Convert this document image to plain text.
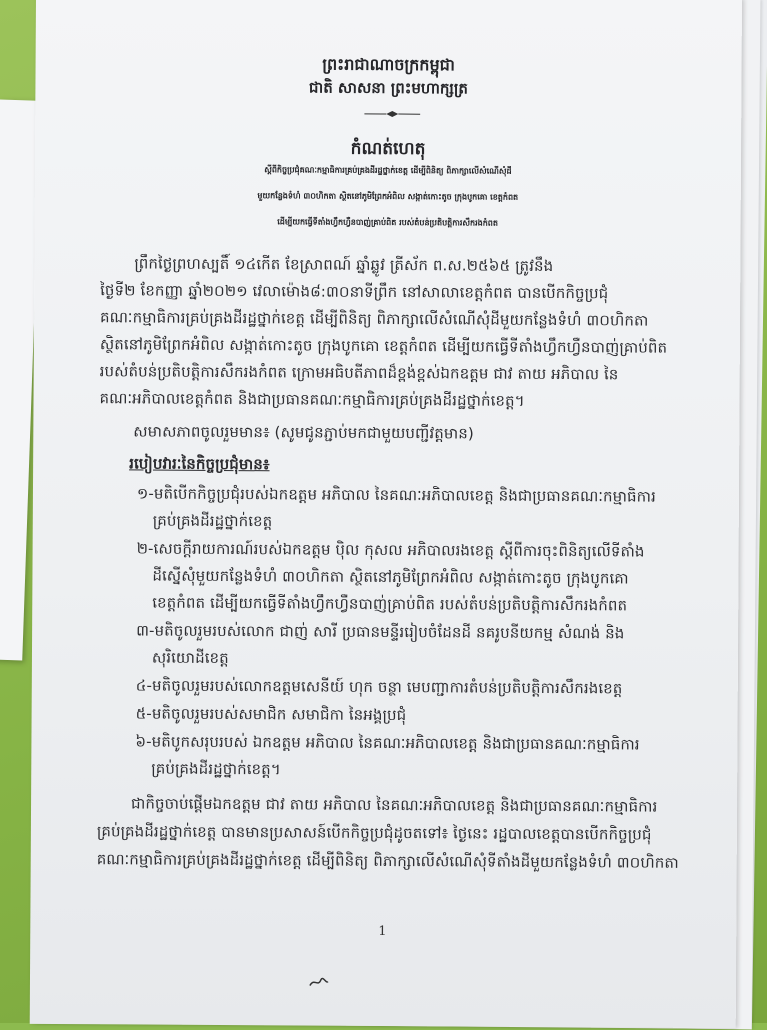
ព្រះរាជាណាចក្រកម្ពុជា
ជាតិ សាសនា ព្រះមហាក្សត្រ
កំណត់ហេតុ
ស្តីពីកិច្ចប្រជុំគណៈកម្មាធិការគ្រប់គ្រងដីរដ្ឋថ្នាក់ខេត្ត ដើម្បីពិនិត្យ ពិភាក្សាលើសំណើសុំដី
មួយកន្លែងទំហំ ៣០ហិកតា ស្ថិតនៅភូមិព្រែកអំពិល សង្កាត់កោះតូច ក្រុងបូកគោ ខេត្តកំពត
ដើម្បីយកធ្វើទីតាំងហ្វឹកហ្វឺនបាញ់គ្រាប់ពិត របស់តំបន់ប្រតិបត្តិការសឹករងកំពត
ព្រឹកថ្ងៃព្រហស្បតិ៍ ១៤កើត ខែស្រាពណ៍ ឆ្នាំឆ្លូវ ត្រីស័ក ព.ស.២៥៦៥ ត្រូវនឹង
ថ្ងៃទី២ ខែកញ្ញា ឆ្នាំ២០២១ វេលាម៉ោង៨:៣០នាទីព្រឹក នៅសាលាខេត្តកំពត បានបើកកិច្ចប្រជុំ
គណៈកម្មាធិការគ្រប់គ្រងដីរដ្ឋថ្នាក់ខេត្ត ដើម្បីពិនិត្យ ពិភាក្សាលើសំណើសុំដីមួយកន្លែងទំហំ ៣០ហិកតា
ស្ថិតនៅភូមិព្រែកអំពិល សង្កាត់កោះតូច ក្រុងបូកគោ ខេត្តកំពត ដើម្បីយកធ្វើទីតាំងហ្វឹកហ្វឺនបាញ់គ្រាប់ពិត
របស់តំបន់ប្រតិបត្តិការសឹករងកំពត ក្រោមអធិបតីភាពដ៏ខ្ពង់ខ្ពស់ឯកឧត្តម ជាវ តាយ អភិបាល នៃ
គណៈអភិបាលខេត្តកំពត និងជាប្រធានគណៈកម្មាធិការគ្រប់គ្រងដីរដ្ឋថ្នាក់ខេត្ត។
សមាសភាពចូលរួមមាន៖ (សូមជូនភ្ជាប់មកជាមួយបញ្ជីវត្តមាន)
របៀបវារៈនៃកិច្ចប្រជុំមាន៖
១-មតិបើកកិច្ចប្រជុំរបស់ឯកឧត្តម អភិបាល នៃគណៈអភិបាលខេត្ត និងជាប្រធានគណៈកម្មាធិការ
គ្រប់គ្រងដីរដ្ឋថ្នាក់ខេត្ត
២-សេចក្តីរាយការណ៍របស់ឯកឧត្តម ប៉ិល កុសល អភិបាលរងខេត្ត ស្តីពីការចុះពិនិត្យលើទីតាំង
ដីស្នើសុំមួយកន្លែងទំហំ ៣០ហិកតា ស្ថិតនៅភូមិព្រែកអំពិល សង្កាត់កោះតូច ក្រុងបូកគោ
ខេត្តកំពត ដើម្បីយកធ្វើទីតាំងហ្វឹកហ្វឺនបាញ់គ្រាប់ពិត របស់តំបន់ប្រតិបត្តិការសឹករងកំពត
៣-មតិចូលរួមរបស់លោក ជាញ់ សារី ប្រធានមន្ទីររៀបចំដែនដី នគរូបនីយកម្ម សំណង់ និង
សុរិយោដីខេត្ត
៤-មតិចូលរួមរបស់លោកឧត្តមសេនីយ៍ ហុក ចន្ថា មេបញ្ជាការតំបន់ប្រតិបត្តិការសឹករងខេត្ត
៥-មតិចូលរួមរបស់សមាជិក សមាជិកា នៃអង្គប្រជុំ
៦-មតិបូកសរុបរបស់ ឯកឧត្តម អភិបាល នៃគណៈអភិបាលខេត្ត និងជាប្រធានគណៈកម្មាធិការ
គ្រប់គ្រងដីរដ្ឋថ្នាក់ខេត្ត។
ជាកិច្ចចាប់ផ្តើមឯកឧត្តម ជាវ តាយ អភិបាល នៃគណៈអភិបាលខេត្ត និងជាប្រធានគណៈកម្មាធិការ
គ្រប់គ្រងដីរដ្ឋថ្នាក់ខេត្ត បានមានប្រសាសន៍បើកកិច្ចប្រជុំដូចតទៅ៖ ថ្ងៃនេះ រដ្ឋបាលខេត្តបានបើកកិច្ចប្រជុំ
គណៈកម្មាធិការគ្រប់គ្រងដីរដ្ឋថ្នាក់ខេត្ត ដើម្បីពិនិត្យ ពិភាក្សាលើសំណើសុំទីតាំងដីមួយកន្លែងទំហំ ៣០ហិកតា
1
